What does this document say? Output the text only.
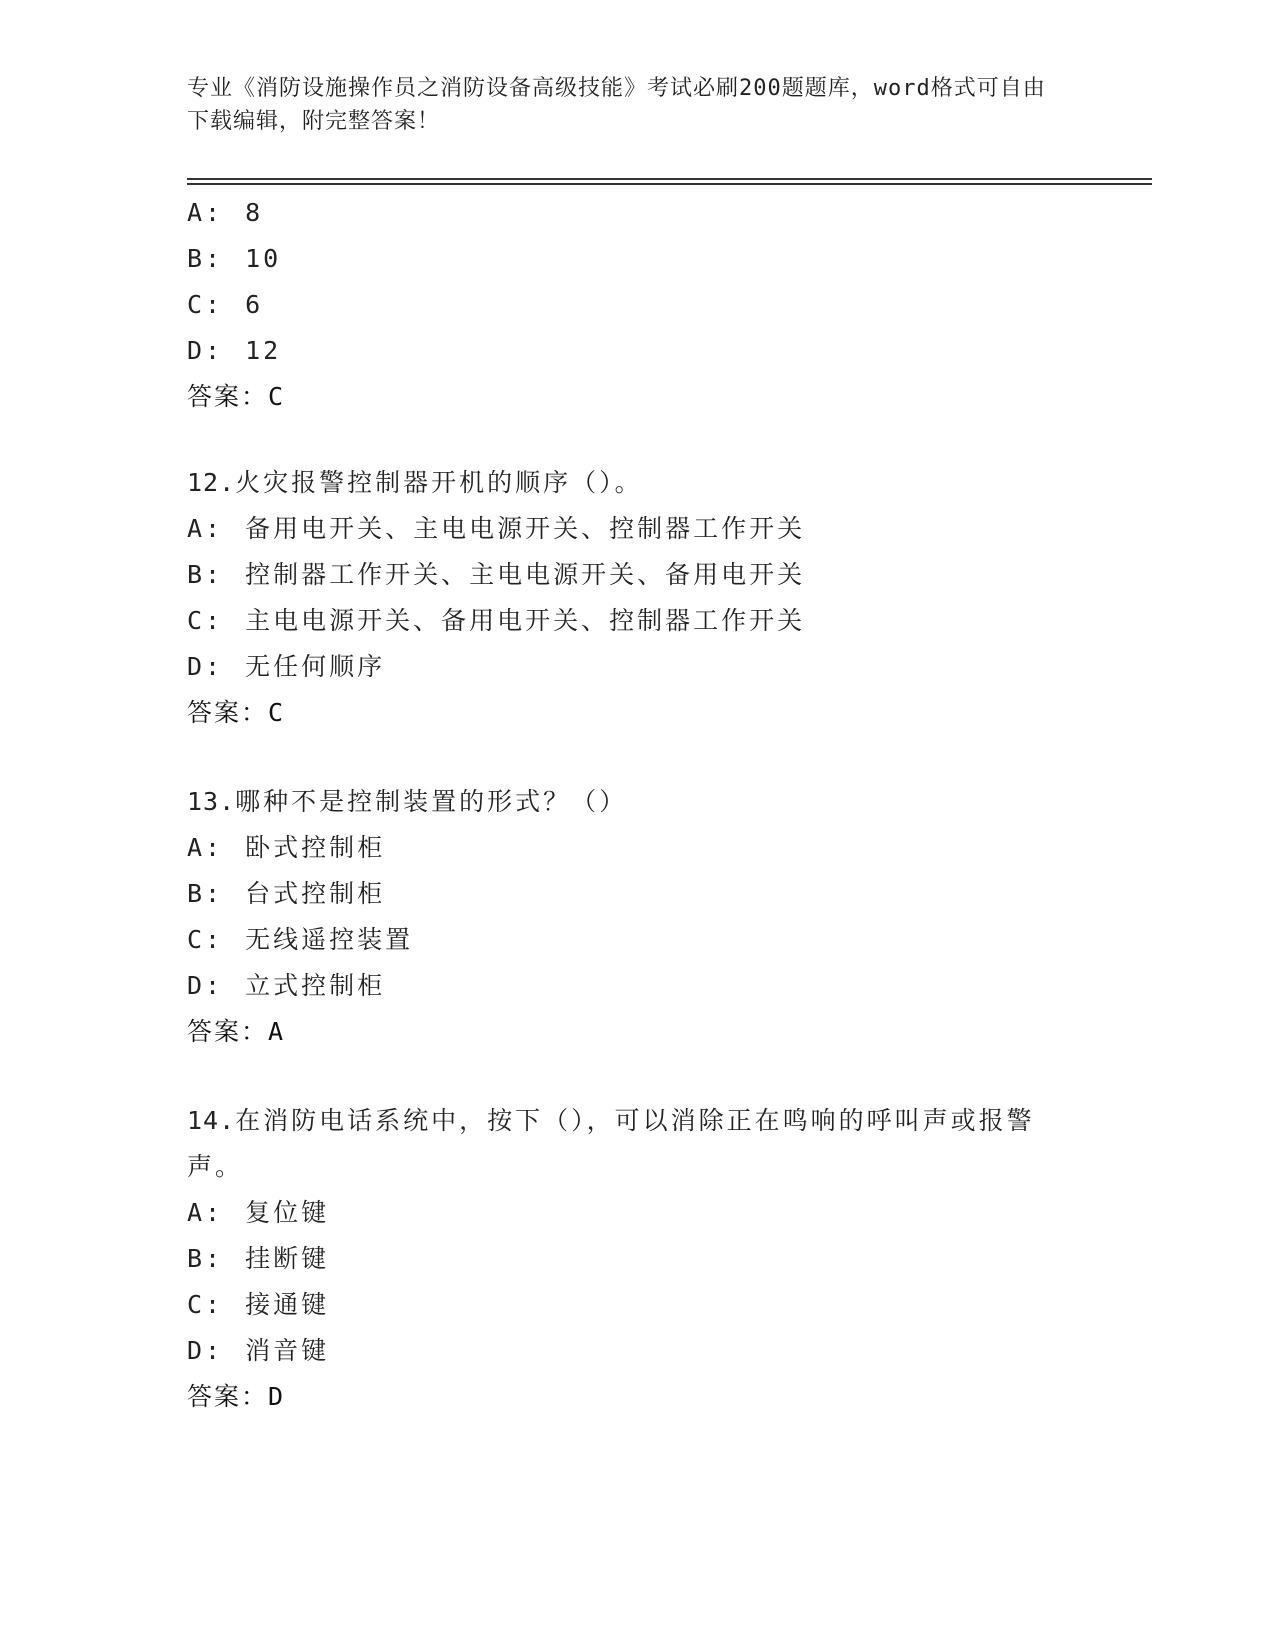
专业《消防设施操作员之消防设备高级技能》考试必刷200题题库，word格式可自由下载编辑，附完整答案！
A: 8
B: 10
C: 6
D: 12
答案：C
12.火灾报警控制器开机的顺序（）。
A: 备用电开关、主电电源开关、控制器工作开关
B: 控制器工作开关、主电电源开关、备用电开关
C: 主电电源开关、备用电开关、控制器工作开关
D: 无任何顺序
答案：C
13.哪种不是控制装置的形式？（）
A: 卧式控制柜
B: 台式控制柜
C: 无线遥控装置
D: 立式控制柜
答案：A
14.在消防电话系统中，按下（），可以消除正在鸣响的呼叫声或报警声。
A: 复位键
B: 挂断键
C: 接通键
D: 消音键
答案：D
